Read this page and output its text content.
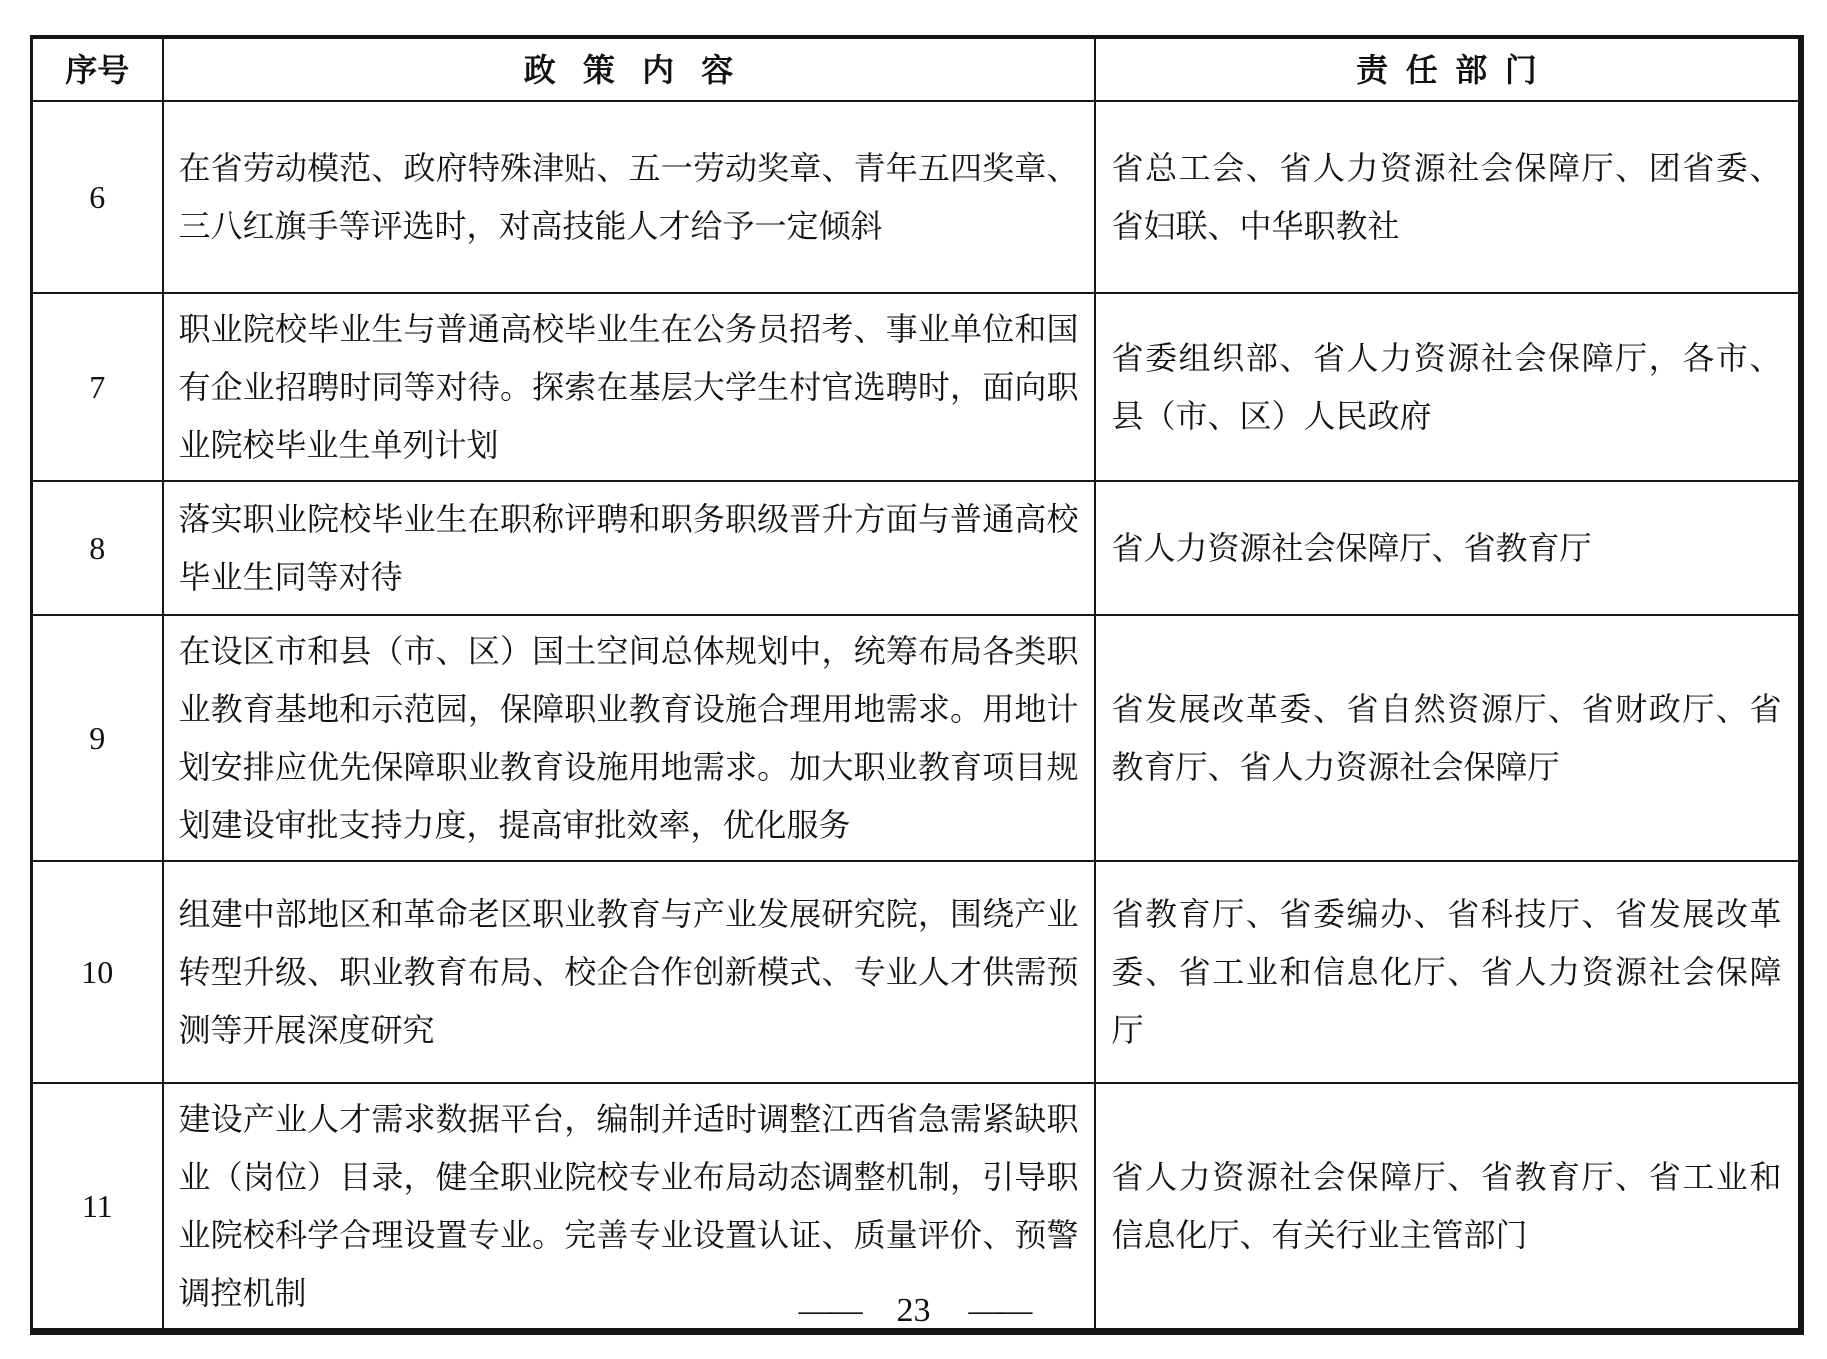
序号	政策内容	责任部门
6	在省劳动模范、政府特殊津贴、五一劳动奖章、青年五四奖章、三八红旗手等评选时，对高技能人才给予一定倾斜	省总工会、省人力资源社会保障厅、团省委、省妇联、中华职教社
7	职业院校毕业生与普通高校毕业生在公务员招考、事业单位和国有企业招聘时同等对待。探索在基层大学生村官选聘时，面向职业院校毕业生单列计划	省委组织部、省人力资源社会保障厅，各市、县（市、区）人民政府
8	落实职业院校毕业生在职称评聘和职务职级晋升方面与普通高校毕业生同等对待	省人力资源社会保障厅、省教育厅
9	在设区市和县（市、区）国土空间总体规划中，统筹布局各类职业教育基地和示范园，保障职业教育设施合理用地需求。用地计划安排应优先保障职业教育设施用地需求。加大职业教育项目规划建设审批支持力度，提高审批效率，优化服务	省发展改革委、省自然资源厅、省财政厅、省教育厅、省人力资源社会保障厅
10	组建中部地区和革命老区职业教育与产业发展研究院，围绕产业转型升级、职业教育布局、校企合作创新模式、专业人才供需预测等开展深度研究	省教育厅、省委编办、省科技厅、省发展改革委、省工业和信息化厅、省人力资源社会保障厅
11	建设产业人才需求数据平台，编制并适时调整江西省急需紧缺职业（岗位）目录，健全职业院校专业布局动态调整机制，引导职业院校科学合理设置专业。完善专业设置认证、质量评价、预警调控机制	省人力资源社会保障厅、省教育厅、省工业和信息化厅、有关行业主管部门
—— 23 ——
